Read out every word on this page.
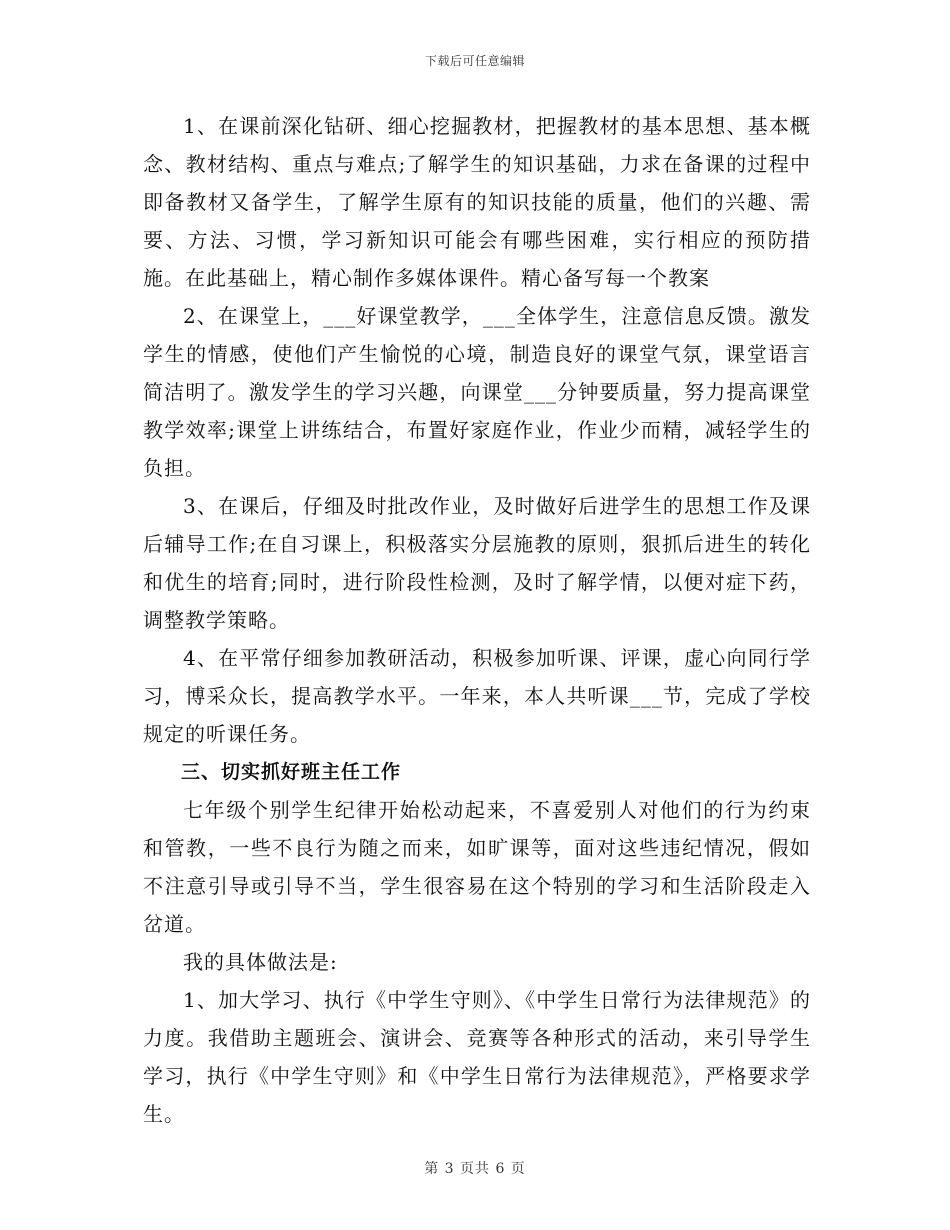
下载后可任意编辑

1、在课前深化钻研、细心挖掘教材，把握教材的基本思想、基本概念、教材结构、重点与难点;了解学生的知识基础，力求在备课的过程中即备教材又备学生，了解学生原有的知识技能的质量，他们的兴趣、需要、方法、习惯，学习新知识可能会有哪些困难，实行相应的预防措施。在此基础上，精心制作多媒体课件。精心备写每一个教案

2、在课堂上，___好课堂教学，___全体学生，注意信息反馈。激发学生的情感，使他们产生愉悦的心境，制造良好的课堂气氛，课堂语言简洁明了。激发学生的学习兴趣，向课堂___分钟要质量，努力提高课堂教学效率;课堂上讲练结合，布置好家庭作业，作业少而精，减轻学生的负担。

3、在课后，仔细及时批改作业，及时做好后进学生的思想工作及课后辅导工作;在自习课上，积极落实分层施教的原则，狠抓后进生的转化和优生的培育;同时，进行阶段性检测，及时了解学情，以便对症下药，调整教学策略。

4、在平常仔细参加教研活动，积极参加听课、评课，虚心向同行学习，博采众长，提高教学水平。一年来，本人共听课___节，完成了学校规定的听课任务。

三、切实抓好班主任工作

七年级个别学生纪律开始松动起来，不喜爱别人对他们的行为约束和管教，一些不良行为随之而来，如旷课等，面对这些违纪情况，假如不注意引导或引导不当，学生很容易在这个特别的学习和生活阶段走入岔道。

我的具体做法是:

1、加大学习、执行《中学生守则》、《中学生日常行为法律规范》的力度。我借助主题班会、演讲会、竞赛等各种形式的活动，来引导学生学习，执行《中学生守则》和《中学生日常行为法律规范》，严格要求学生。

第 3 页共 6 页
